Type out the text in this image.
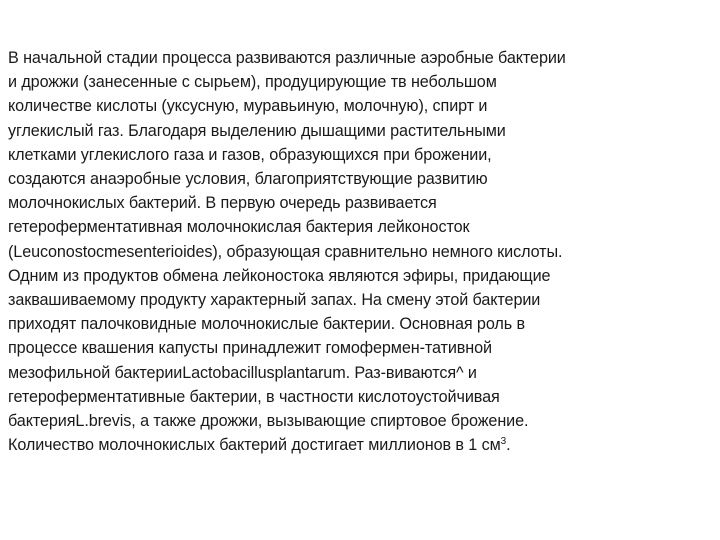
В начальной стадии процесса развиваются различные аэробные бактерии
и дрожжи (занесенные с сырьем), продуцирующие тв небольшом
количестве кислоты (уксусную, муравьиную, молочную), спирт и
углекислый газ. Благодаря выделению дышащими растительными
клетками углекислого газа и газов, образующихся при брожении,
создаются анаэробные условия, благоприятствующие развитию
молочнокислых бактерий. В первую очередь развивается
гетероферментативная молочнокислая бактерия лейконосток
(Leuconostocmesenterioides), образующая сравнительно немного кислоты.
Одним из продуктов обмена лейконостока являются эфиры, придающие
заквашиваемому продукту характерный запах. На смену этой бактерии
приходят палочковидные молочнокислые бактерии. Основная роль в
процессе квашения капусты принадлежит гомофермен-тативной
мезофильной бактерииLactobacillusplantarum. Раз-виваются^ и
гетероферментативные бактерии, в частности кислотоустойчивая
бактерияL.brevis, а также дрожжи, вызывающие спиртовое брожение.
Количество молочнокислых бактерий достигает миллионов в 1 $см^3$.
